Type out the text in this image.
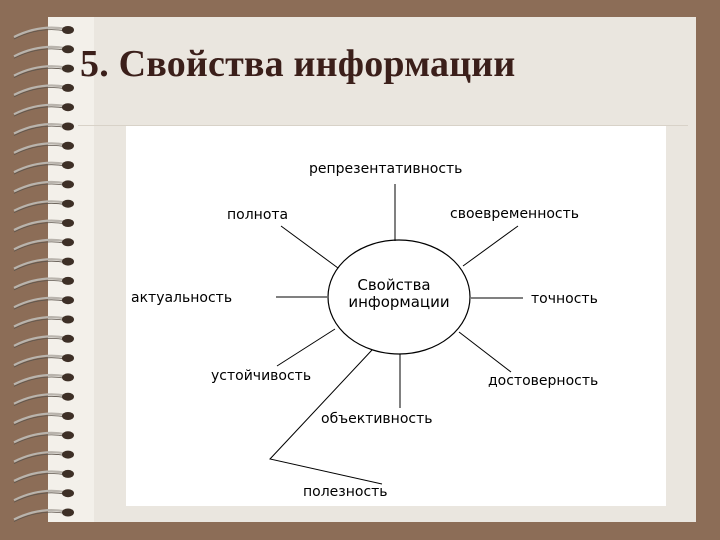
5. Свойства информации
Свойства
информации
репрезентативность
своевременность
точность
достоверность
объективность
полезность
устойчивость
актуальность
полнота
